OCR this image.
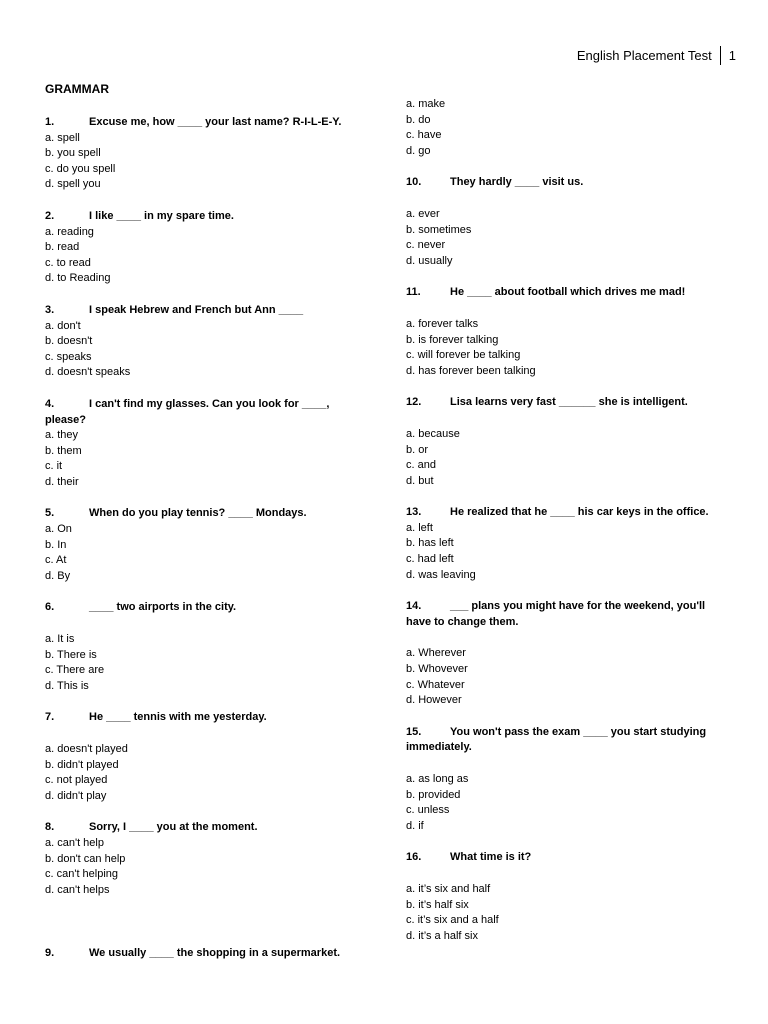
English Placement Test	1
GRAMMAR

1.	Excuse me, how ____ your last name? R-I-L-E-Y.

a. spell

b. you spell

c. do you spell

d. spell you

2.	I like ____ in my spare time.

a. reading

b. read

c. to read

d. to Reading

3.	I speak Hebrew and French but Ann ____

a. don't

b. doesn't

c. speaks

d. doesn't speaks

4.	I can't find my glasses. Can you look for ____, please?

a. they

b. them

c. it

d. their

5.	When do you play tennis? ____ Mondays.

a. On

b. In

c. At

d. By

6.	____ two airports in the city.

a. It is

b. There is

c. There are

d. This is

7.	He ____ tennis with me yesterday.

a. doesn't played

b. didn't played

c. not played

d. didn't play

8.	Sorry, I ____ you at the moment.

a. can't help

b. don't can help

c. can't helping

d. can't helps

9.	We usually ____ the shopping in a supermarket.

a. make

b. do

c. have

d. go

10.	They hardly ____ visit us.

a. ever

b. sometimes

c. never

d. usually

11.	He ____ about football which drives me mad!

a. forever talks

b. is forever talking

c. will forever be talking

d. has forever been talking

12.	Lisa learns very fast ______ she is intelligent.

a. because

b. or

c. and

d. but

13.	He realized that he ____ his car keys in the office.

a. left

b. has left

c. had left

d. was leaving

14.	___ plans you might have for the weekend, you'll have to change them.

a. Wherever

b. Whovever

c. Whatever

d. However

15.	You won't pass the exam ____ you start studying immediately.

a. as long as

b. provided

c. unless

d. if

16.	What time is it?

a. it’s six and half

b. it’s half six

c. it’s six and a half

d. it’s a half six
